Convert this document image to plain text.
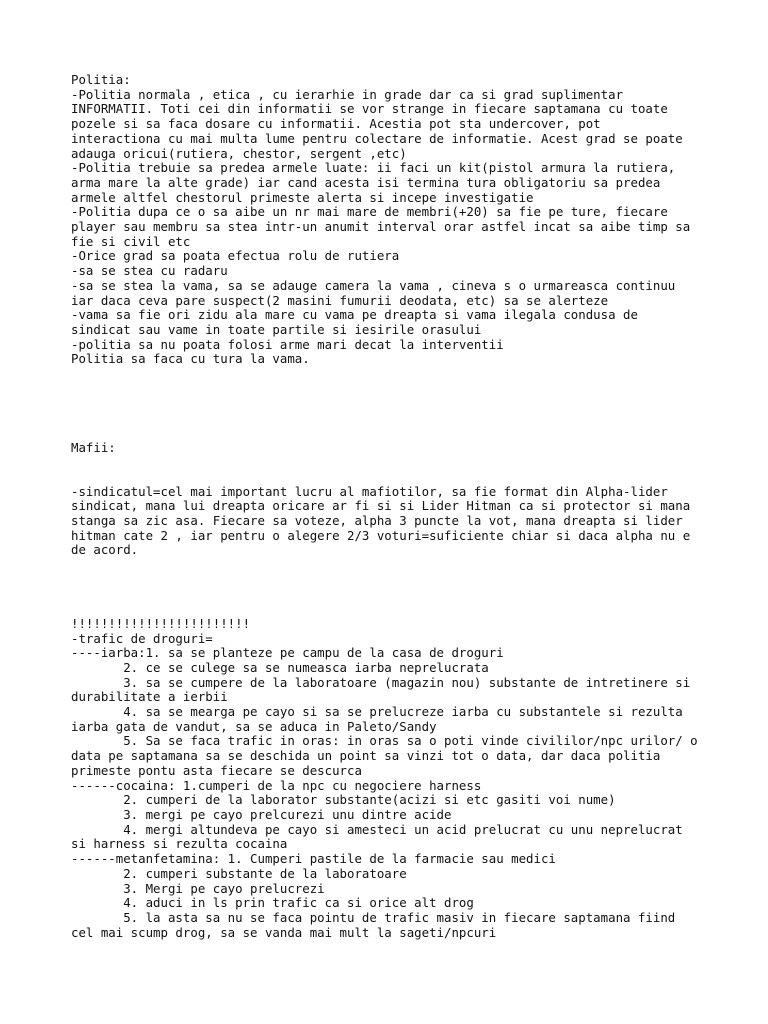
Politia:
-Politia normala , etica , cu ierarhie in grade dar ca si grad suplimentar
INFORMATII. Toti cei din informatii se vor strange in fiecare saptamana cu toate
pozele si sa faca dosare cu informatii. Acestia pot sta undercover, pot
interactiona cu mai multa lume pentru colectare de informatie. Acest grad se poate
adauga oricui(rutiera, chestor, sergent ,etc)
-Politia trebuie sa predea armele luate: ii faci un kit(pistol armura la rutiera,
arma mare la alte grade) iar cand acesta isi termina tura obligatoriu sa predea
armele altfel chestorul primeste alerta si incepe investigatie
-Politia dupa ce o sa aibe un nr mai mare de membri(+20) sa fie pe ture, fiecare
player sau membru sa stea intr-un anumit interval orar astfel incat sa aibe timp sa
fie si civil etc
-Orice grad sa poata efectua rolu de rutiera
-sa se stea cu radaru
-sa se stea la vama, sa se adauge camera la vama , cineva s o urmareasca continuu
iar daca ceva pare suspect(2 masini fumurii deodata, etc) sa se alerteze
-vama sa fie ori zidu ala mare cu vama pe dreapta si vama ilegala condusa de
sindicat sau vame in toate partile si iesirile orasului
-politia sa nu poata folosi arme mari decat la interventii
Politia sa faca cu tura la vama.
Mafii:
-sindicatul=cel mai important lucru al mafiotilor, sa fie format din Alpha-lider
sindicat, mana lui dreapta oricare ar fi si si Lider Hitman ca si protector si mana
stanga sa zic asa. Fiecare sa voteze, alpha 3 puncte la vot, mana dreapta si lider
hitman cate 2 , iar pentru o alegere 2/3 voturi=suficiente chiar si daca alpha nu e
de acord.
!!!!!!!!!!!!!!!!!!!!!!!!
-trafic de droguri=
----iarba:1. sa se planteze pe campu de la casa de droguri
2. ce se culege sa se numeasca iarba neprelucrata
3. sa se cumpere de la laboratoare (magazin nou) substante de intretinere si
durabilitate a ierbii
4. sa se mearga pe cayo si sa se prelucreze iarba cu substantele si rezulta
iarba gata de vandut, sa se aduca in Paleto/Sandy
5. Sa se faca trafic in oras: in oras sa o poti vinde civililor/npc urilor/ o
data pe saptamana sa se deschida un point sa vinzi tot o data, dar daca politia
primeste pontu asta fiecare se descurca
------cocaina: 1.cumperi de la npc cu negociere harness
2. cumperi de la laborator substante(acizi si etc gasiti voi nume)
3. mergi pe cayo prelcurezi unu dintre acide
4. mergi altundeva pe cayo si amesteci un acid prelucrat cu unu neprelucrat
si harness si rezulta cocaina
------metanfetamina: 1. Cumperi pastile de la farmacie sau medici
2. cumperi substante de la laboratoare
3. Mergi pe cayo prelucrezi
4. aduci in ls prin trafic ca si orice alt drog
5. la asta sa nu se faca pointu de trafic masiv in fiecare saptamana fiind
cel mai scump drog, sa se vanda mai mult la sageti/npcuri
